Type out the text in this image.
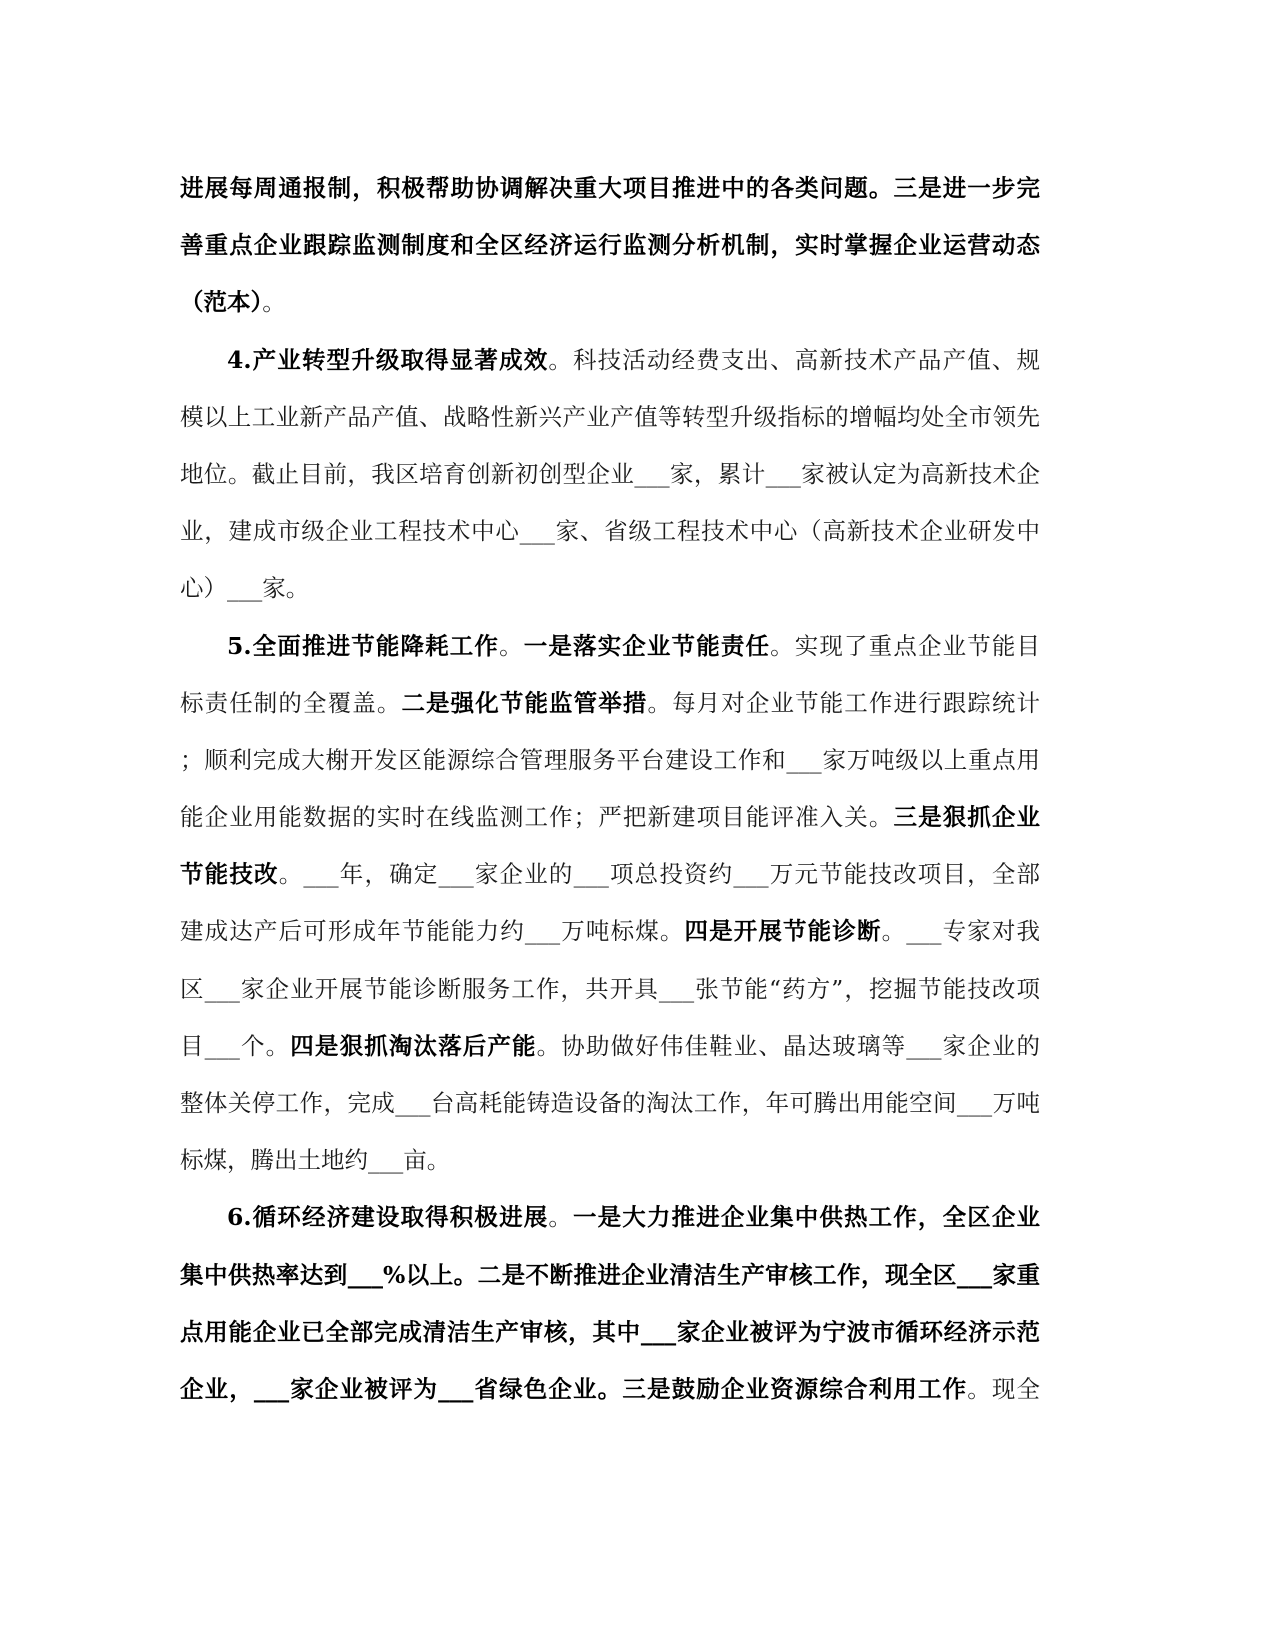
进展每周通报制，积极帮助协调解决重大项目推进中的各类问题。三是进一步完
善重点企业跟踪监测制度和全区经济运行监测分析机制，实时掌握企业运营动态
（范本）。
4.产业转型升级取得显著成效。科技活动经费支出、高新技术产品产值、规
模以上工业新产品产值、战略性新兴产业产值等转型升级指标的增幅均处全市领先
地位。截止目前，我区培育创新初创型企业___家，累计___家被认定为高新技术企
业，建成市级企业工程技术中心___家、省级工程技术中心（高新技术企业研发中
心）___家。
5.全面推进节能降耗工作。一是落实企业节能责任。实现了重点企业节能目
标责任制的全覆盖。二是强化节能监管举措。每月对企业节能工作进行跟踪统计
；顺利完成大榭开发区能源综合管理服务平台建设工作和___家万吨级以上重点用
能企业用能数据的实时在线监测工作；严把新建项目能评准入关。三是狠抓企业
节能技改。___年，确定___家企业的___项总投资约___万元节能技改项目，全部
建成达产后可形成年节能能力约___万吨标煤。四是开展节能诊断。___专家对我
区___家企业开展节能诊断服务工作，共开具___张节能“药方”，挖掘节能技改项
目___个。四是狠抓淘汰落后产能。协助做好伟佳鞋业、晶达玻璃等___家企业的
整体关停工作，完成___台高耗能铸造设备的淘汰工作，年可腾出用能空间___万吨
标煤，腾出土地约___亩。
6.循环经济建设取得积极进展。一是大力推进企业集中供热工作，全区企业
集中供热率达到___%以上。二是不断推进企业清洁生产审核工作，现全区___家重
点用能企业已全部完成清洁生产审核，其中___家企业被评为宁波市循环经济示范
企业，___家企业被评为___省绿色企业。三是鼓励企业资源综合利用工作。现全
